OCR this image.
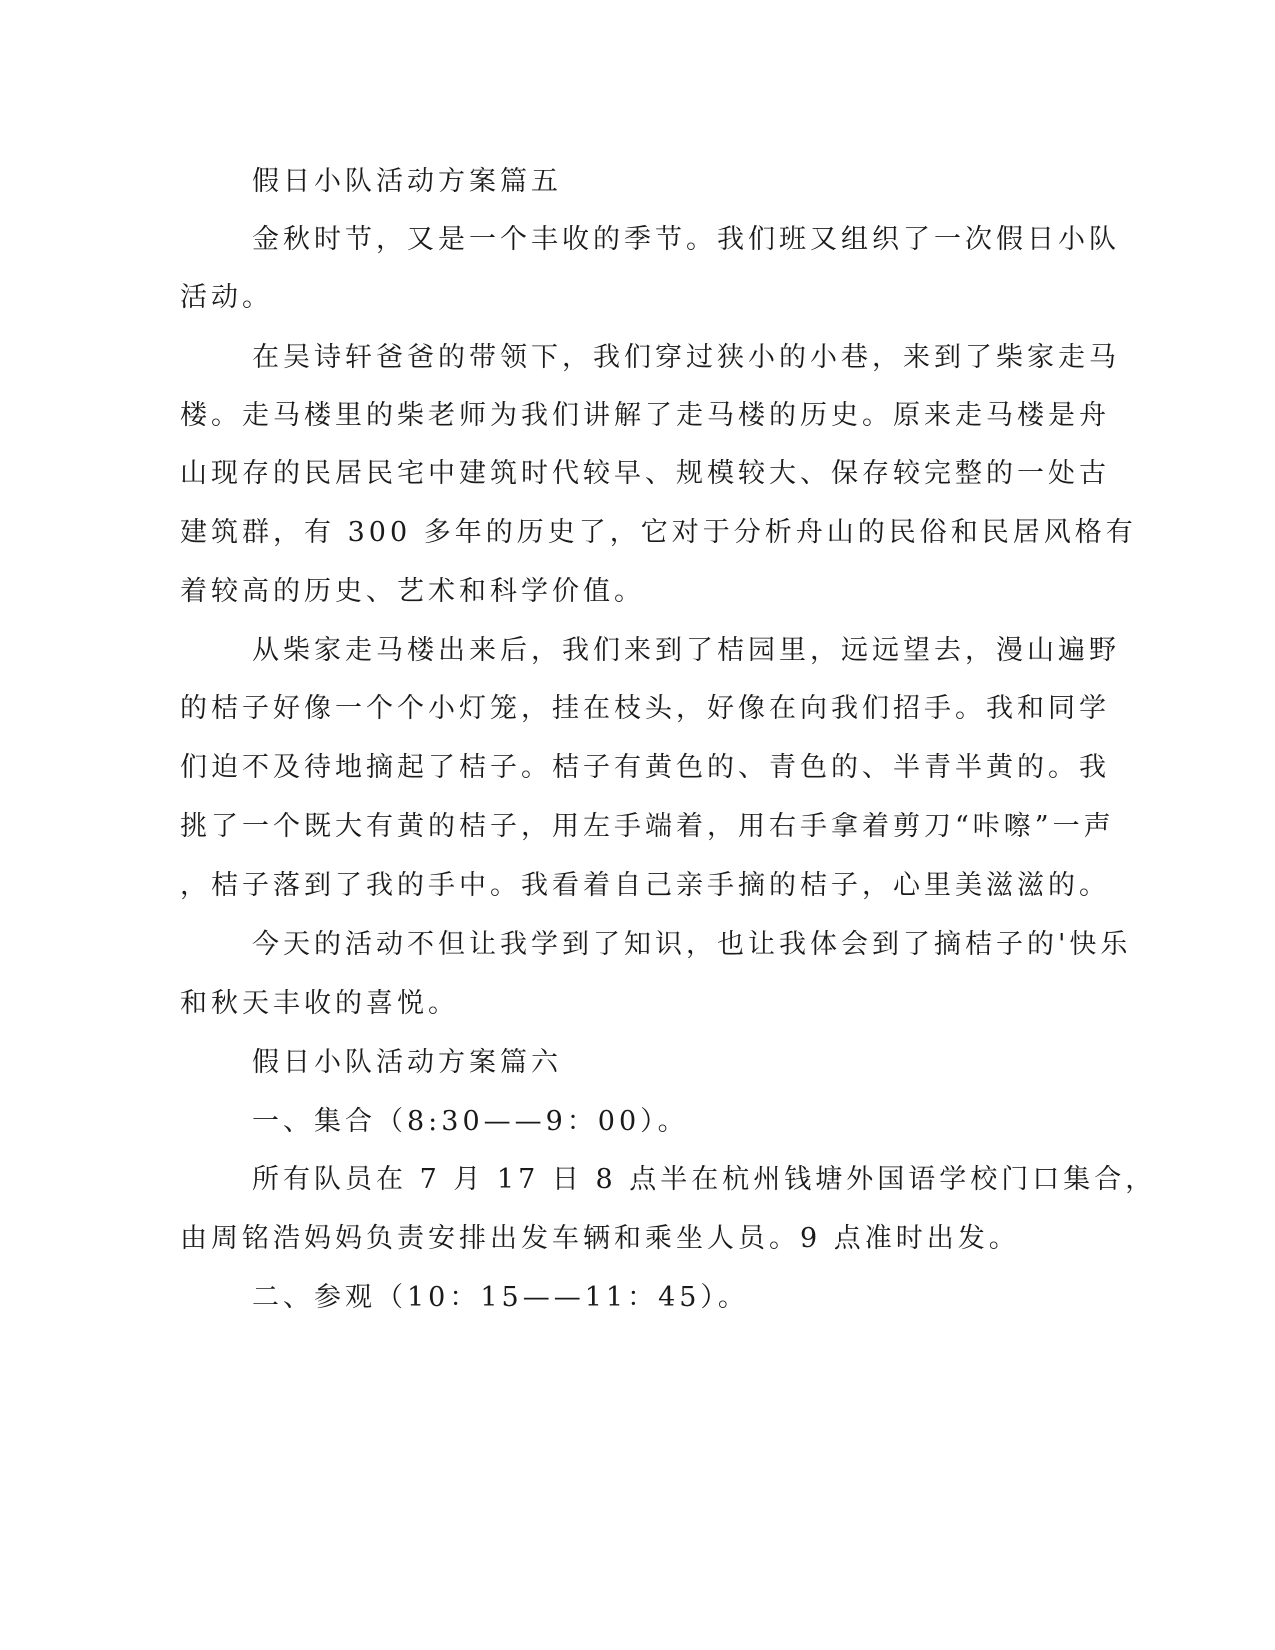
假日小队活动方案篇五
金秋时节，又是一个丰收的季节。我们班又组织了一次假日小队
活动。
在吴诗轩爸爸的带领下，我们穿过狭小的小巷，来到了柴家走马
楼。走马楼里的柴老师为我们讲解了走马楼的历史。原来走马楼是舟
山现存的民居民宅中建筑时代较早、规模较大、保存较完整的一处古
建筑群，有 300 多年的历史了，它对于分析舟山的民俗和民居风格有
着较高的历史、艺术和科学价值。
从柴家走马楼出来后，我们来到了桔园里，远远望去，漫山遍野
的桔子好像一个个小灯笼，挂在枝头，好像在向我们招手。我和同学
们迫不及待地摘起了桔子。桔子有黄色的、青色的、半青半黄的。我
挑了一个既大有黄的桔子，用左手端着，用右手拿着剪刀“咔嚓”一声
，桔子落到了我的手中。我看着自己亲手摘的桔子，心里美滋滋的。
今天的活动不但让我学到了知识，也让我体会到了摘桔子的'快乐
和秋天丰收的喜悦。
假日小队活动方案篇六
一、集合（8:30——9：00）。
所有队员在 7 月 17 日 8 点半在杭州钱塘外国语学校门口集合，
由周铭浩妈妈负责安排出发车辆和乘坐人员。9 点准时出发。
二、参观（10：15——11：45）。
